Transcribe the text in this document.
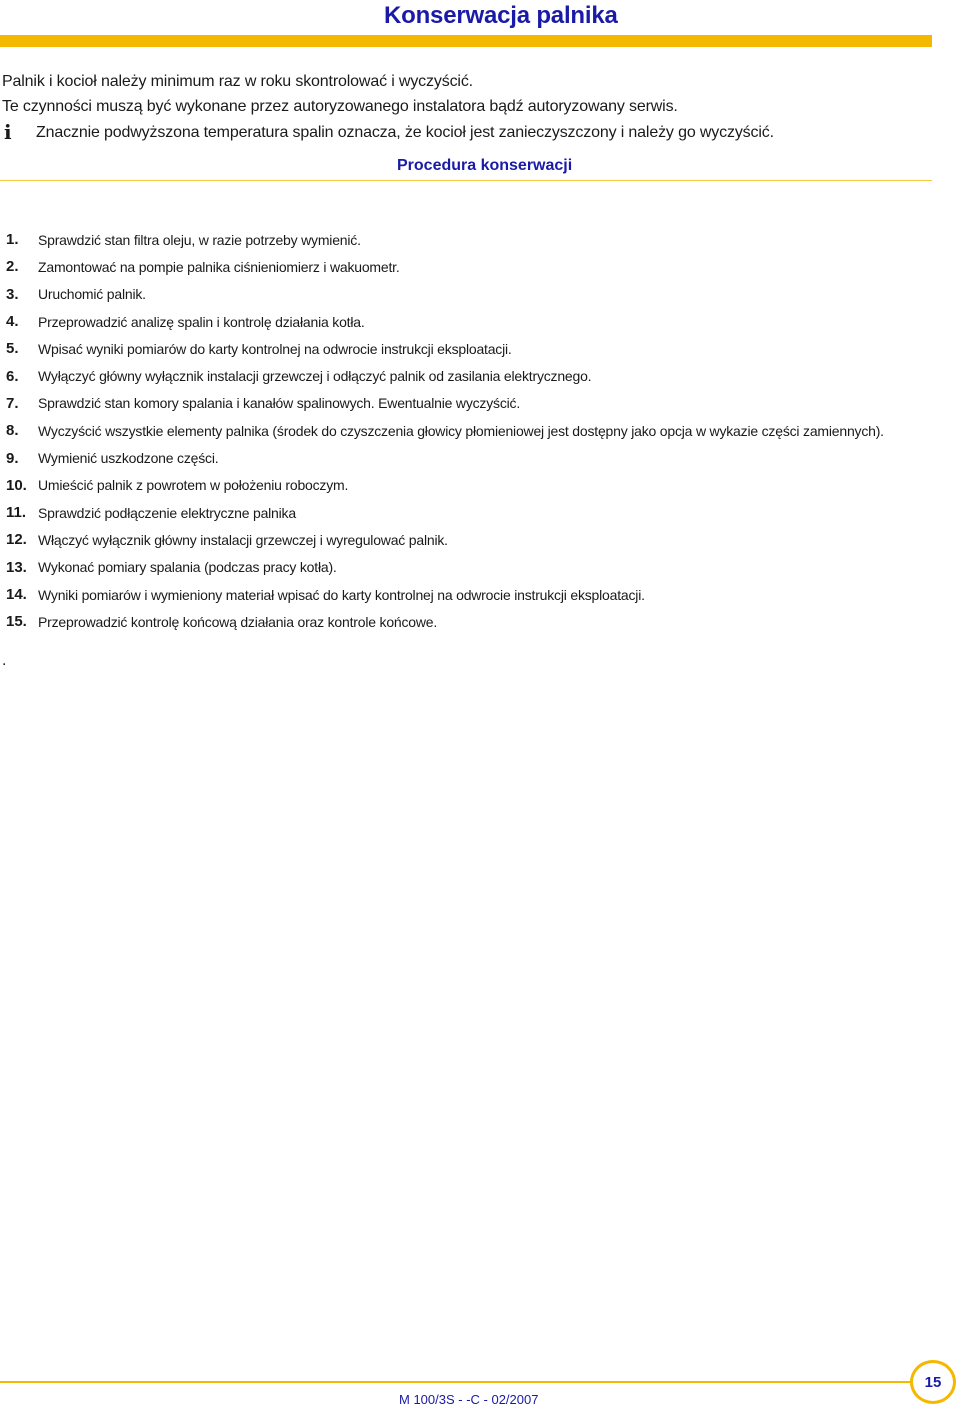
Konserwacja palnika
Palnik i kocioł należy minimum raz w roku skontrolować i wyczyścić.
Te czynności muszą być wykonane przez autoryzowanego instalatora bądź autoryzowany serwis.
i Znacznie podwyższona temperatura spalin oznacza, że kocioł jest zanieczyszczony i należy go wyczyścić.
Procedura konserwacji
1.	Sprawdzić stan filtra oleju, w razie potrzeby wymienić.
2.	Zamontować na pompie palnika ciśnieniomierz i wakuometr.
3.	Uruchomić palnik.
4.	Przeprowadzić analizę spalin i kontrolę działania kotła.
5.	Wpisać wyniki pomiarów do karty kontrolnej na odwrocie instrukcji eksploatacji.
6.	Wyłączyć główny wyłącznik instalacji grzewczej i odłączyć palnik od zasilania elektrycznego.
7.	Sprawdzić stan komory spalania i kanałów spalinowych. Ewentualnie wyczyścić.
8.	Wyczyścić wszystkie elementy palnika (środek do czyszczenia głowicy płomieniowej jest dostępny jako opcja w wykazie części zamiennych).
9.	Wymienić uszkodzone części.
10. Umieścić palnik z powrotem w położeniu roboczym.
11. Sprawdzić podłączenie elektryczne palnika
12. Włączyć wyłącznik główny instalacji grzewczej i wyregulować palnik.
13. Wykonać pomiary spalania (podczas pracy kotła).
14. Wyniki pomiarów i wymieniony materiał wpisać do karty kontrolnej na odwrocie instrukcji eksploatacji.
15. Przeprowadzić kontrolę końcową działania oraz kontrole końcowe.
.
M 100/3S - -C - 02/2007
15
